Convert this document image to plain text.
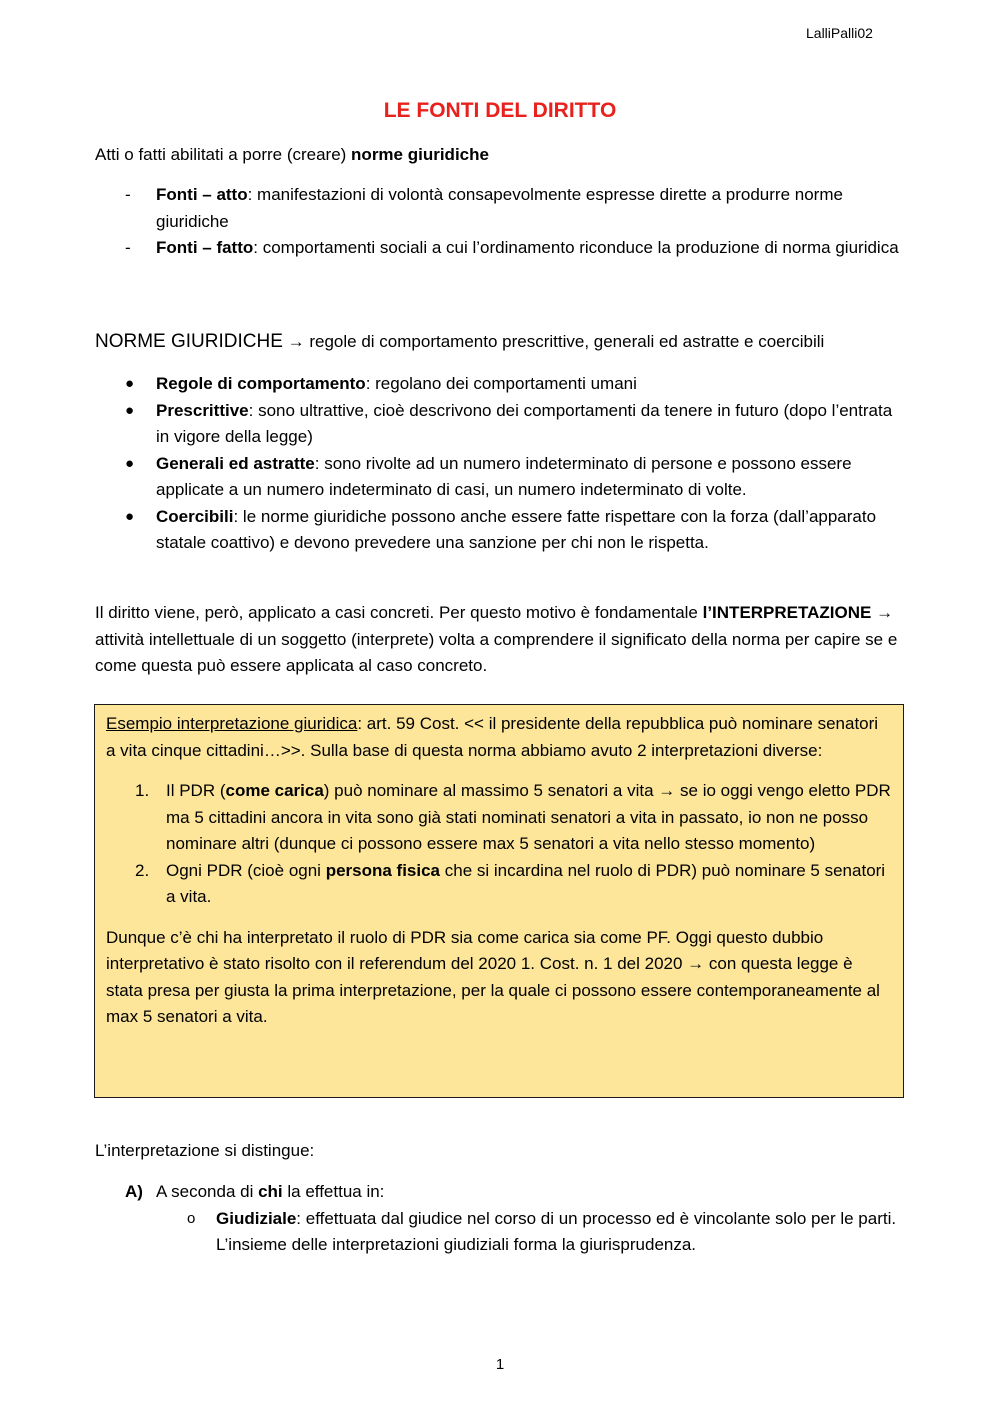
LalliPalli02
LE FONTI DEL DIRITTO

Atti o fatti abilitati a porre (creare) norme giuridiche

- Fonti – atto: manifestazioni di volontà consapevolmente espresse dirette a produrre norme giuridiche
- Fonti – fatto: comportamenti sociali a cui l’ordinamento riconduce la produzione di norma giuridica

NORME GIURIDICHE → regole di comportamento prescrittive, generali ed astratte e coercibili

● Regole di comportamento: regolano dei comportamenti umani
● Prescrittive: sono ultrattive, cioè descrivono dei comportamenti da tenere in futuro (dopo l’entrata in vigore della legge)
● Generali ed astratte: sono rivolte ad un numero indeterminato di persone e possono essere applicate a un numero indeterminato di casi, un numero indeterminato di volte.
● Coercibili: le norme giuridiche possono anche essere fatte rispettare con la forza (dall’apparato statale coattivo) e devono prevedere una sanzione per chi non le rispetta.

Il diritto viene, però, applicato a casi concreti. Per questo motivo è fondamentale l’INTERPRETAZIONE → attività intellettuale di un soggetto (interprete) volta a comprendere il significato della norma per capire se e come questa può essere applicata al caso concreto.

Esempio interpretazione giuridica: art. 59 Cost. << il presidente della repubblica può nominare senatori a vita cinque cittadini…>>. Sulla base di questa norma abbiamo avuto 2 interpretazioni diverse:

1. Il PDR (come carica) può nominare al massimo 5 senatori a vita → se io oggi vengo eletto PDR ma 5 cittadini ancora in vita sono già stati nominati senatori a vita in passato, io non ne posso nominare altri (dunque ci possono essere max 5 senatori a vita nello stesso momento)
2. Ogni PDR (cioè ogni persona fisica che si incardina nel ruolo di PDR) può nominare 5 senatori a vita.

Dunque c’è chi ha interpretato il ruolo di PDR sia come carica sia come PF. Oggi questo dubbio interpretativo è stato risolto con il referendum del 2020 1. Cost. n. 1 del 2020 → con questa legge è stata presa per giusta la prima interpretazione, per la quale ci possono essere contemporaneamente al max 5 senatori a vita.

L’interpretazione si distingue:

A) A seconda di chi la effettua in:
o Giudiziale: effettuata dal giudice nel corso di un processo ed è vincolante solo per le parti. L’insieme delle interpretazioni giudiziali forma la giurisprudenza.
1
